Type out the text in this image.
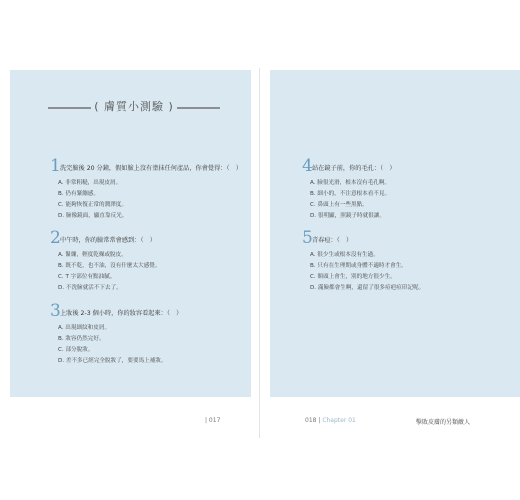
( 膚質小測驗 )
1 洗完臉後 20 分鐘，假如臉上沒有塗抹任何產品，你會覺得：（　）
A. 非常粗糙，出現皮屑。
B. 仍有緊繃感。
C. 能夠恢復正常的潤澤度。
D. 臉像鏡面，顯直靠反光。
2 中午時，你的臉常常會感到：（　）
A. 緊繃，輕度乾燥或脫皮。
B. 既不乾，也不油，沒有什麼太大感覺。
C. T 字部位有點油膩。
D. 不洗臉就活不下去了。
3 上妝後 2-3 個小時，你的妝容看起來：（　）
A. 出現細紋和皮屑。
B. 妝容仍然完好。
C. 部分脫妝。
D. 差不多已經完全脫妝了，要要馬上補妝。
4 站在鏡子前，你的毛孔：（　）
A. 臉很光滑，根本沒有毛孔啊。
B. 細小的，不注意根本看不見。
C. 鼻頭上有一些黑點。
D. 很明顯，照鏡子時就很讓。
5 青春痘：（　）
A. 很少生或根本沒有生過。
B. 只有在生理期或身體不適時才會生。
C. 額頭上會生，別的地方很少生。
D. 滿臉都會生啊，還留了很多痘疤痘印記呢。
| 017	018 | Chapter 01	擊敗皮膚的另類敵人
